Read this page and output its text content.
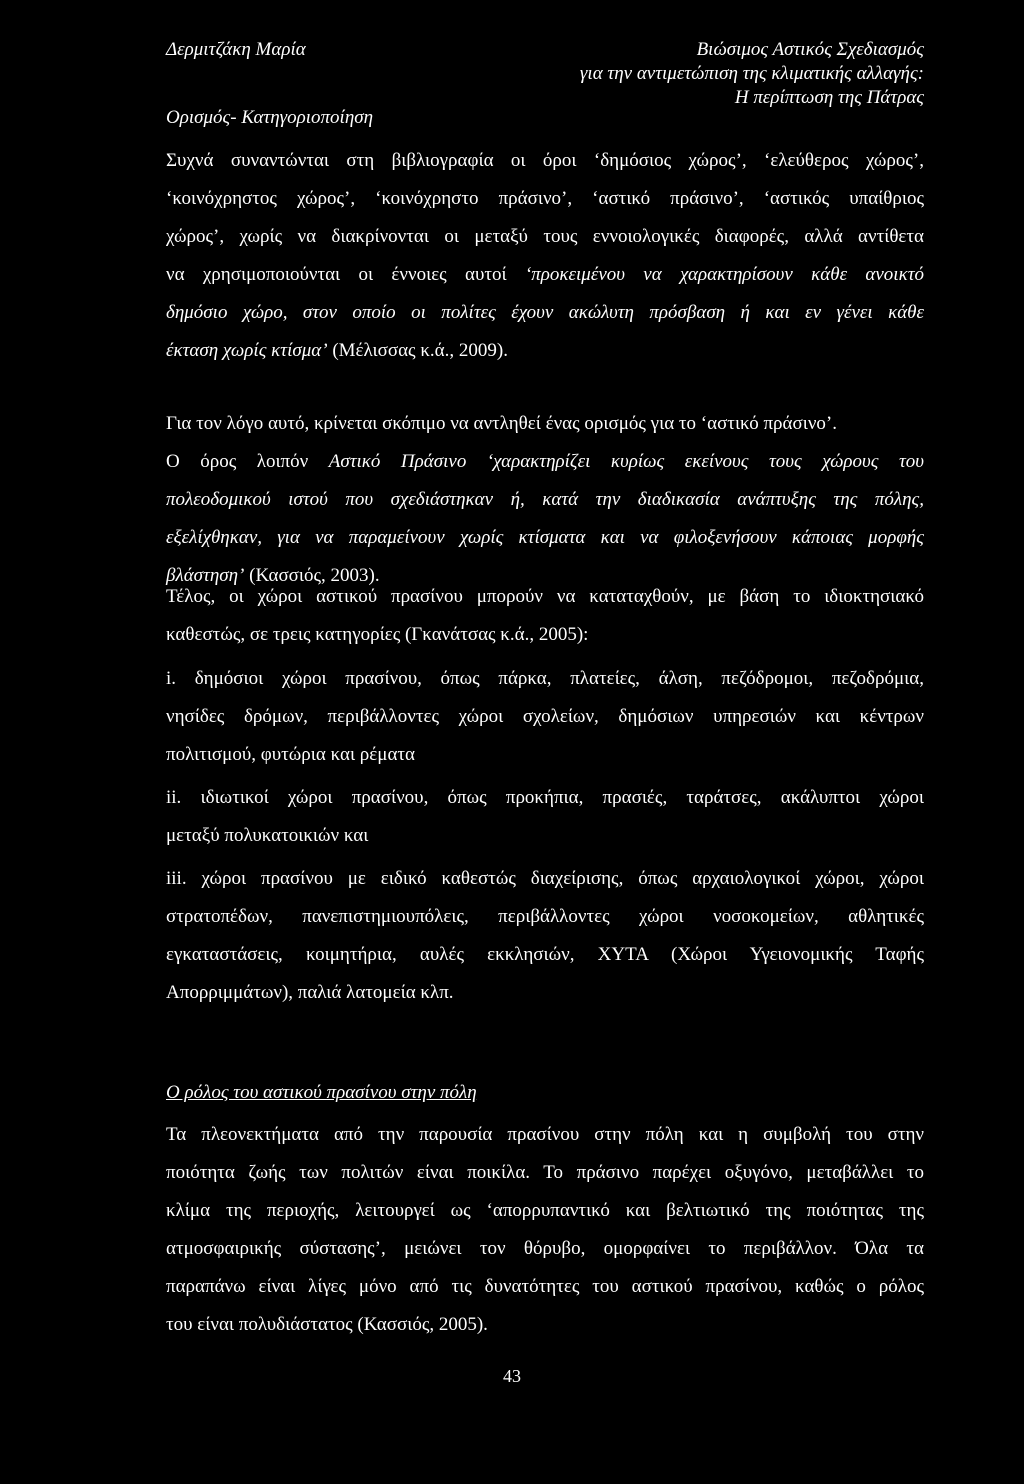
Δερμιτζάκη Μαρία
Ορισμός- Κατηγοριοποίηση
Βιώσιμος Αστικός Σχεδιασμός
για την αντιμετώπιση της κλιματικής αλλαγής:
Η περίπτωση της Πάτρας
Συχνά συναντώνται στη βιβλιογραφία οι όροι ‘δημόσιος χώρος’, ‘ελεύθερος χώρος’,
‘κοινόχρηστος χώρος’, ‘κοινόχρηστο πράσινο’, ‘αστικό πράσινο’, ‘αστικός υπαίθριος
χώρος’, χωρίς να διακρίνονται οι μεταξύ τους εννοιολογικές διαφορές, αλλά αντίθετα
να χρησιμοποιούνται οι έννοιες αυτοί ‘προκειμένου να χαρακτηρίσουν κάθε ανοικτό
δημόσιο χώρο, στον οποίο οι πολίτες έχουν ακώλυτη πρόσβαση ή και εν γένει κάθε
έκταση χωρίς κτίσμα’ (Μέλισσας κ.ά., 2009).
Για τον λόγο αυτό, κρίνεται σκόπιμο να αντληθεί ένας ορισμός για το ‘αστικό πράσινο’.
Ο όρος λοιπόν Αστικό Πράσινο ‘χαρακτηρίζει κυρίως εκείνους τους χώρους του
πολεοδομικού ιστού που σχεδιάστηκαν ή, κατά την διαδικασία ανάπτυξης της πόλης,
εξελίχθηκαν, για να παραμείνουν χωρίς κτίσματα και να φιλοξενήσουν κάποιας μορφής
βλάστηση’ (Κασσιός, 2003).
Τέλος, οι χώροι αστικού πρασίνου μπορούν να καταταχθούν, με βάση το ιδιοκτησιακό
καθεστώς, σε τρεις κατηγορίες (Γκανάτσας κ.ά., 2005):
i. δημόσιοι χώροι πρασίνου, όπως πάρκα, πλατείες, άλση, πεζόδρομοι, πεζοδρόμια,
νησίδες δρόμων, περιβάλλοντες χώροι σχολείων, δημόσιων υπηρεσιών και κέντρων
πολιτισμού, φυτώρια και ρέματα
ii. ιδιωτικοί χώροι πρασίνου, όπως προκήπια, πρασιές, ταράτσες, ακάλυπτοι χώροι
μεταξύ πολυκατοικιών και
iii. χώροι πρασίνου με ειδικό καθεστώς διαχείρισης, όπως αρχαιολογικοί χώροι, χώροι
στρατοπέδων, πανεπιστημιουπόλεις, περιβάλλοντες χώροι νοσοκομείων, αθλητικές
εγκαταστάσεις, κοιμητήρια, αυλές εκκλησιών, ΧΥΤΑ (Χώροι Υγειονομικής Ταφής
Απορριμμάτων), παλιά λατομεία κλπ.
Ο ρόλος του αστικού πρασίνου στην πόλη
Τα πλεονεκτήματα από την παρουσία πρασίνου στην πόλη και η συμβολή του στην
ποιότητα ζωής των πολιτών είναι ποικίλα. Το πράσινο παρέχει οξυγόνο, μεταβάλλει το
κλίμα της περιοχής, λειτουργεί ως ‘απορρυπαντικό και βελτιωτικό της ποιότητας της
ατμοσφαιρικής σύστασης’, μειώνει τον θόρυβο, ομορφαίνει το περιβάλλον. Όλα τα
παραπάνω είναι λίγες μόνο από τις δυνατότητες του αστικού πρασίνου, καθώς ο ρόλος
του είναι πολυδιάστατος (Κασσιός, 2005).
43
